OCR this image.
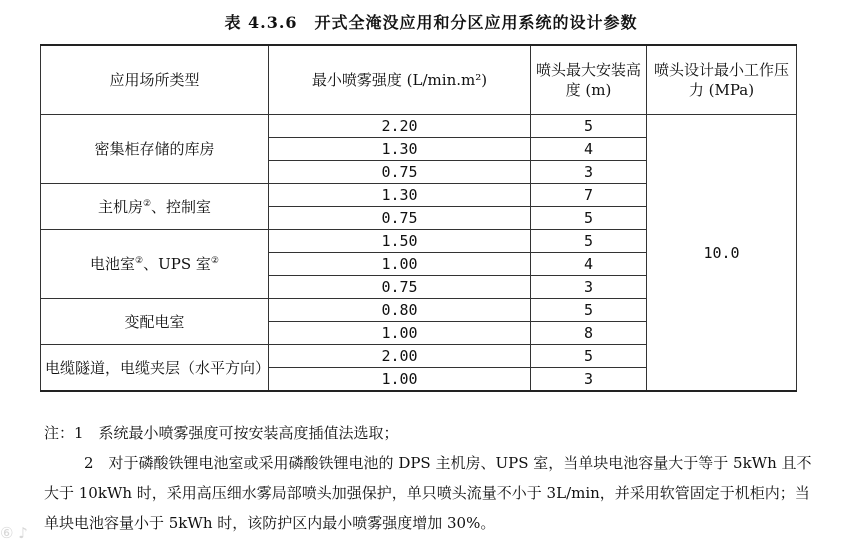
表 4.3.6　开式全淹没应用和分区应用系统的设计参数
应用场所类型	最小喷雾强度 (L/min.m²)	喷头最大安装高度 (m)	喷头设计最小工作压力 (MPa)
密集柜存储的库房	2.20	5	10.0
	1.30	4	
	0.75	3	
主机房②、控制室	1.30	7	
	0.75	5	
电池室②、UPS 室②	1.50	5	
	1.00	4	
	0.75	3	
变配电室	0.80	5	
	1.00	8	
电缆隧道，电缆夹层（水平方向）	2.00	5	
	1.00	3	

注：1　系统最小喷雾强度可按安装高度插值法选取；

2　对于磷酸铁锂电池室或采用磷酸铁锂电池的 DPS 主机房、UPS 室，当单块电池容量大于等于 5kWh 且不大于 10kWh 时，采用高压细水雾局部喷头加强保护，单只喷头流量不小于 3L/min，并采用软管固定于机柜内；当单块电池容量小于 5kWh 时，该防护区内最小喷雾强度增加 30%。

⑥ ♪
